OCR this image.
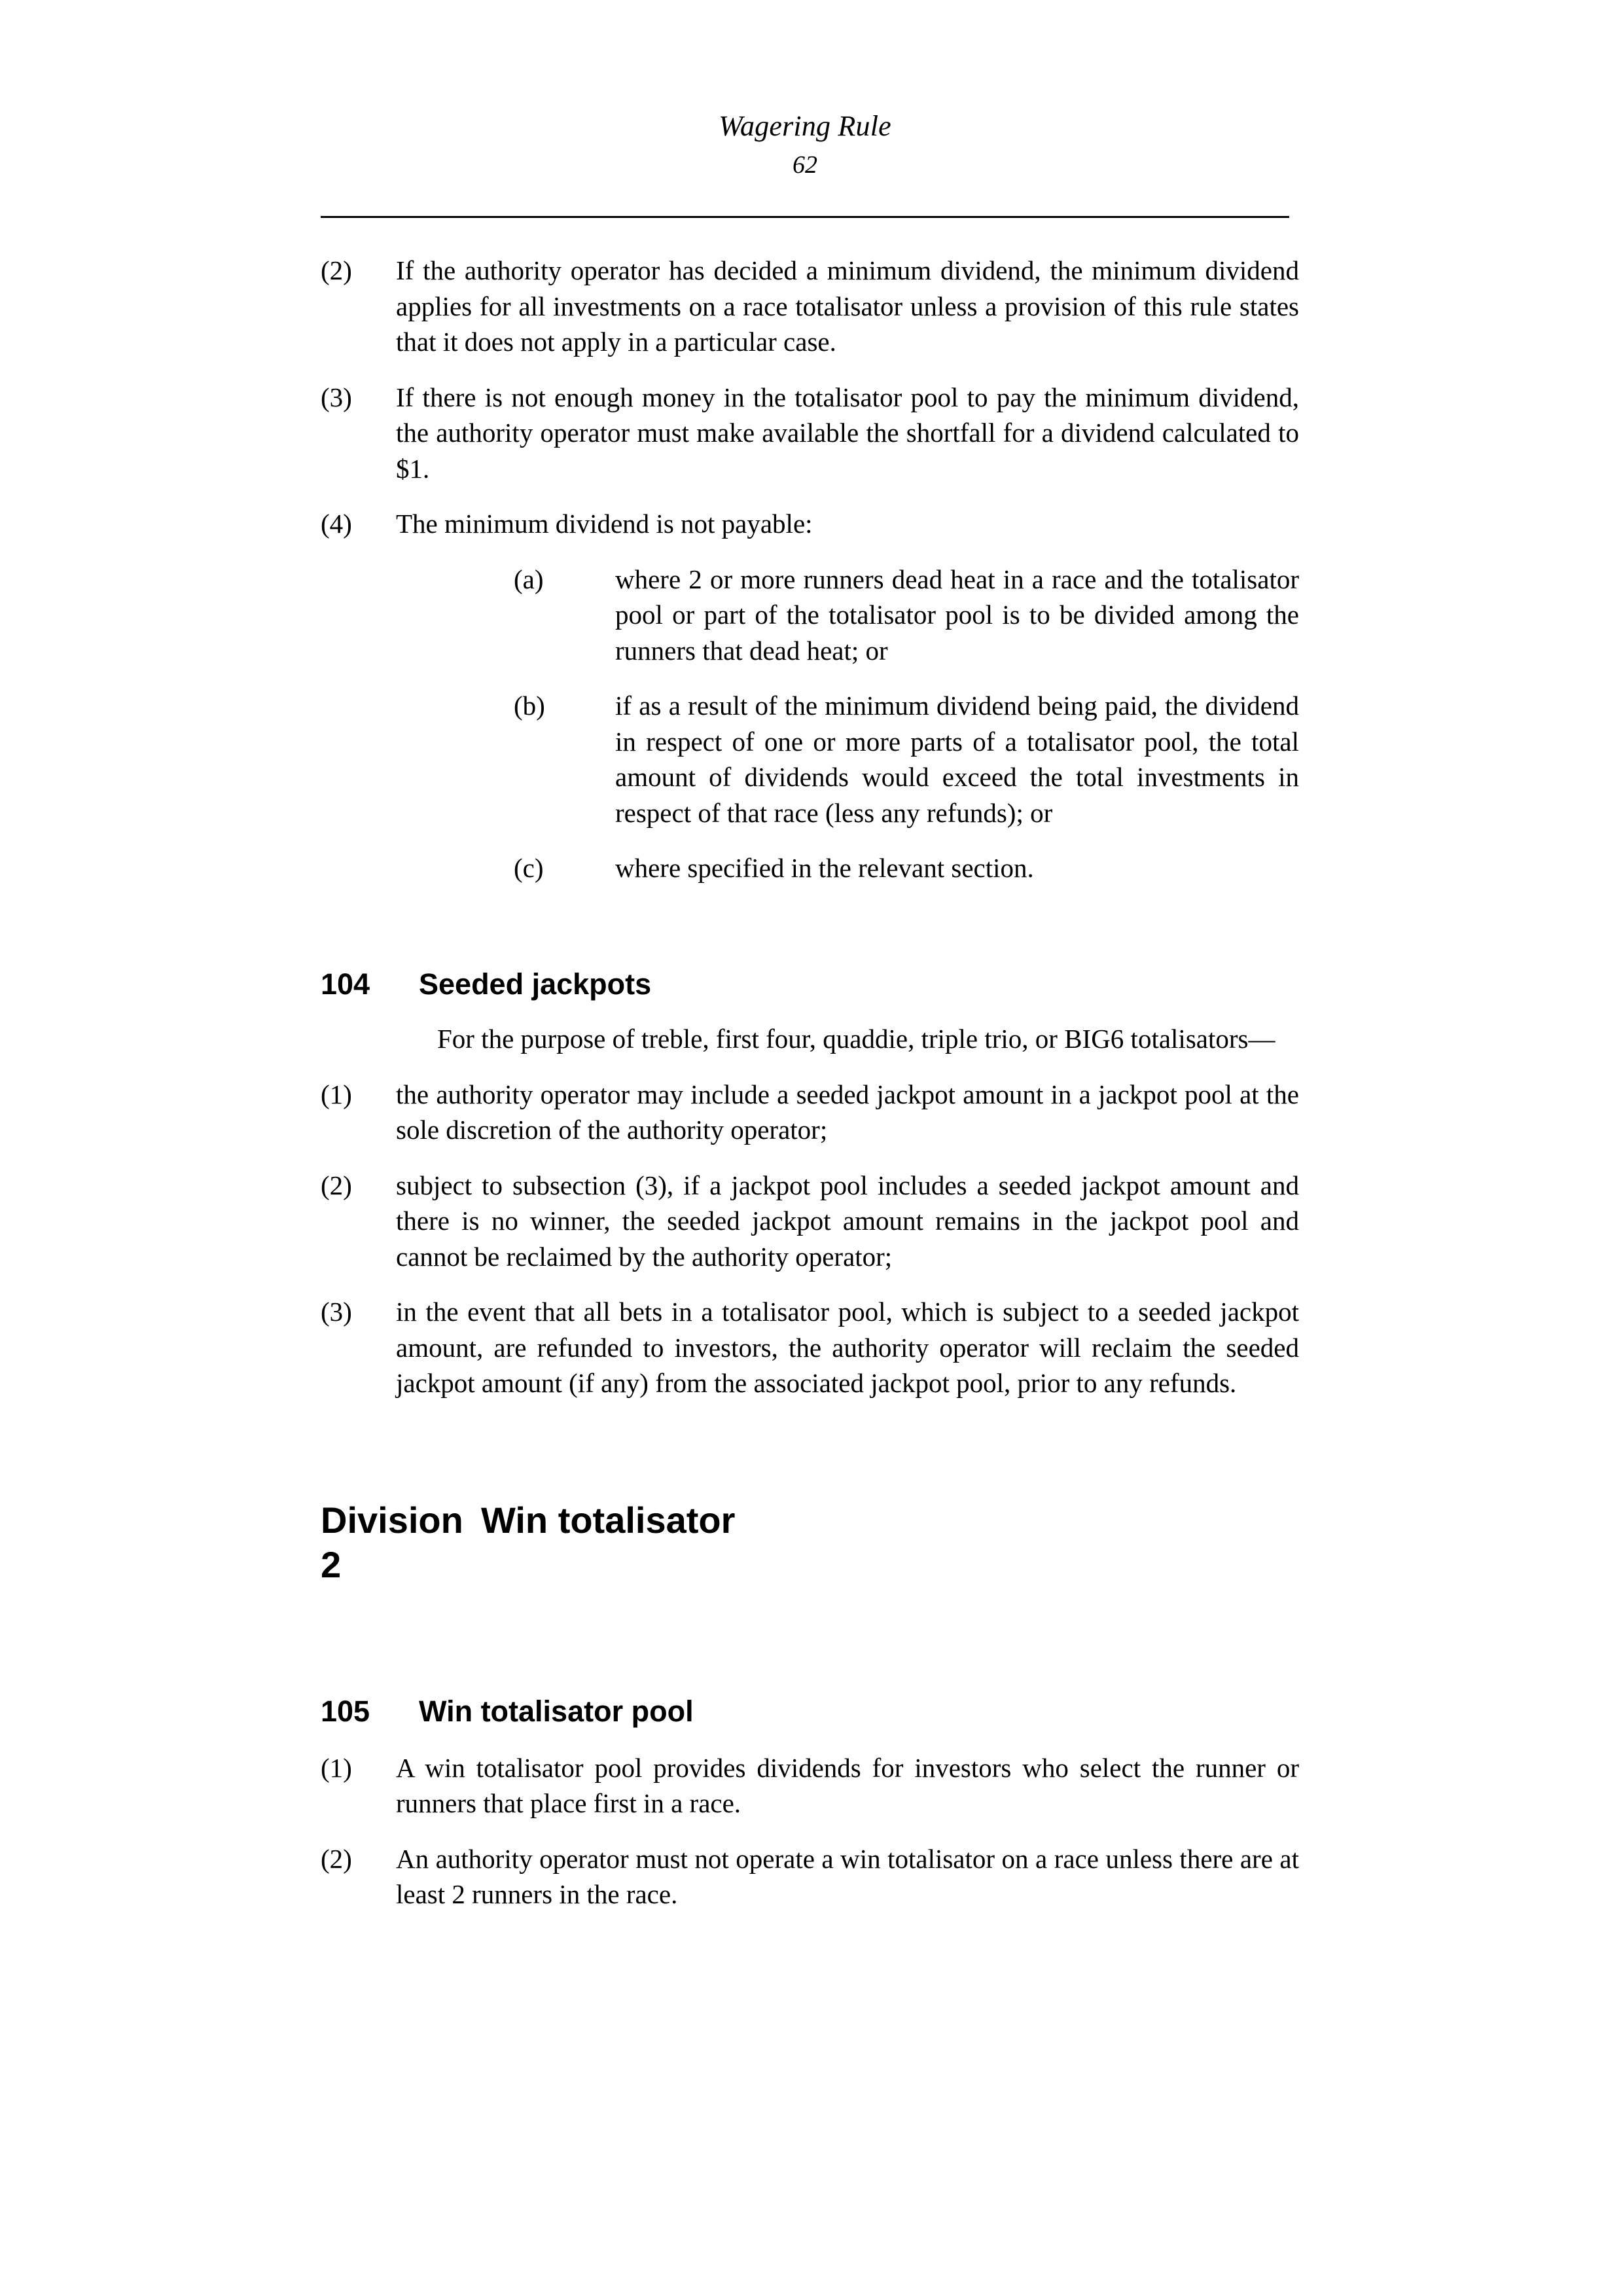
Wagering Rule
62
(2)	If the authority operator has decided a minimum dividend, the minimum dividend applies for all investments on a race totalisator unless a provision of this rule states that it does not apply in a particular case.
(3)	If there is not enough money in the totalisator pool to pay the minimum dividend, the authority operator must make available the shortfall for a dividend calculated to $1.
(4)	The minimum dividend is not payable:
(a)	where 2 or more runners dead heat in a race and the totalisator pool or part of the totalisator pool is to be divided among the runners that dead heat; or
(b)	if as a result of the minimum dividend being paid, the dividend in respect of one or more parts of a totalisator pool, the total amount of dividends would exceed the total investments in respect of that race (less any refunds); or
(c)	where specified in the relevant section.
104	Seeded jackpots
For the purpose of treble, first four, quaddie, triple trio, or BIG6 totalisators—
(1)	the authority operator may include a seeded jackpot amount in a jackpot pool at the sole discretion of the authority operator;
(2)	subject to subsection (3), if a jackpot pool includes a seeded jackpot amount and there is no winner, the seeded jackpot amount remains in the jackpot pool and cannot be reclaimed by the authority operator;
(3)	in the event that all bets in a totalisator pool, which is subject to a seeded jackpot amount, are refunded to investors, the authority operator will reclaim the seeded jackpot amount (if any) from the associated jackpot pool, prior to any refunds.
Division 2
Win totalisator
105	Win totalisator pool
(1)	A win totalisator pool provides dividends for investors who select the runner or runners that place first in a race.
(2)	An authority operator must not operate a win totalisator on a race unless there are at least 2 runners in the race.
